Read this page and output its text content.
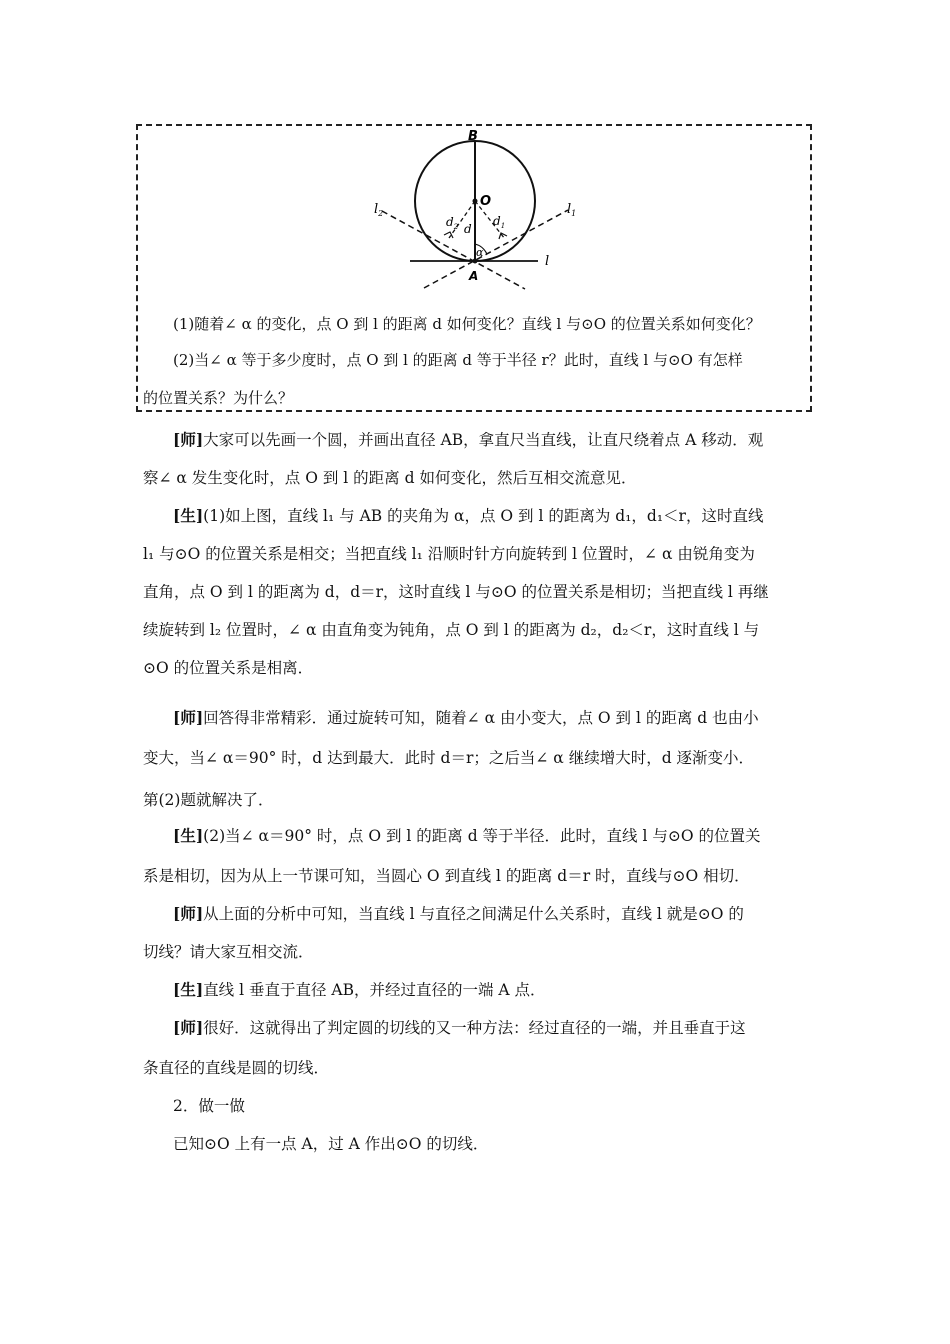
B
O
A
l
$l_1$
$l_2$
d
$d_1$
$d_2$
α
(1)随着∠ α 的变化，点 O 到 l 的距离 d 如何变化？直线 l 与⊙O 的位置关系如何变化？
(2)当∠ α 等于多少度时，点 O 到 l 的距离 d 等于半径 r？此时，直线 l 与⊙O 有怎样
的位置关系？为什么？
[师]大家可以先画一个圆，并画出直径 AB，拿直尺当直线，让直尺绕着点 A 移动．观
察∠ α 发生变化时，点 O 到 l 的距离 d 如何变化，然后互相交流意见．
[生](1)如上图，直线 l₁ 与 AB 的夹角为 α，点 O 到 l 的距离为 d₁，d₁＜r，这时直线
l₁ 与⊙O 的位置关系是相交；当把直线 l₁ 沿顺时针方向旋转到 l 位置时，∠ α 由锐角变为
直角，点 O 到 l 的距离为 d，d＝r，这时直线 l 与⊙O 的位置关系是相切；当把直线 l 再继
续旋转到 l₂ 位置时，∠ α 由直角变为钝角，点 O 到 l 的距离为 d₂，d₂＜r，这时直线 l 与
⊙O 的位置关系是相离．
[师]回答得非常精彩．通过旋转可知，随着∠ α 由小变大，点 O 到 l 的距离 d 也由小
变大，当∠ α＝90° 时，d 达到最大．此时 d＝r；之后当∠ α 继续增大时，d 逐渐变小．
第(2)题就解决了．
[生](2)当∠ α＝90° 时，点 O 到 l 的距离 d 等于半径．此时，直线 l 与⊙O 的位置关
系是相切，因为从上一节课可知，当圆心 O 到直线 l 的距离 d＝r 时，直线与⊙O 相切．
[师]从上面的分析中可知，当直线 l 与直径之间满足什么关系时，直线 l 就是⊙O 的
切线？请大家互相交流．
[生]直线 l 垂直于直径 AB，并经过直径的一端 A 点．
[师]很好．这就得出了判定圆的切线的又一种方法：经过直径的一端，并且垂直于这
条直径的直线是圆的切线．
2．做一做
已知⊙O 上有一点 A，过 A 作出⊙O 的切线．
